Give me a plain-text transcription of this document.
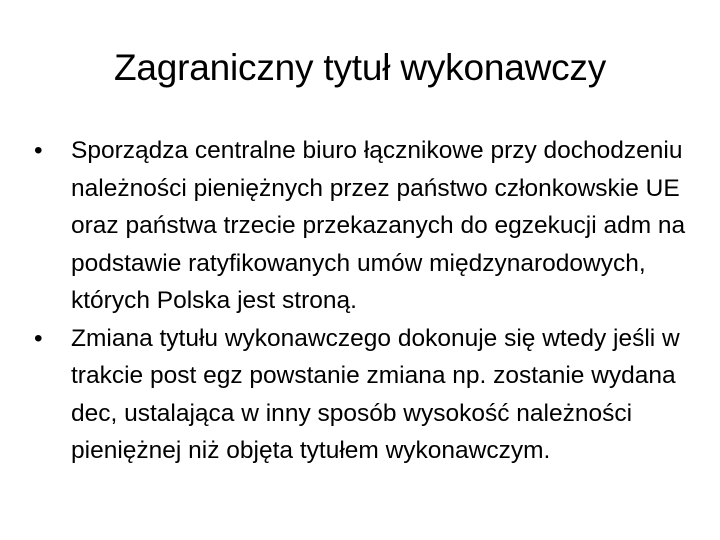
Zagraniczny tytuł wykonawczy
•	Sporządza centralne biuro łącznikowe przy dochodzeniu należności pieniężnych przez państwo członkowskie UE oraz państwa trzecie przekazanych do egzekucji adm na podstawie ratyfikowanych umów międzynarodowych, których Polska jest stroną.
•	Zmiana tytułu wykonawczego dokonuje się wtedy jeśli w trakcie post egz powstanie zmiana np. zostanie wydana dec, ustalająca w inny sposób wysokość należności pieniężnej niż objęta tytułem wykonawczym.
